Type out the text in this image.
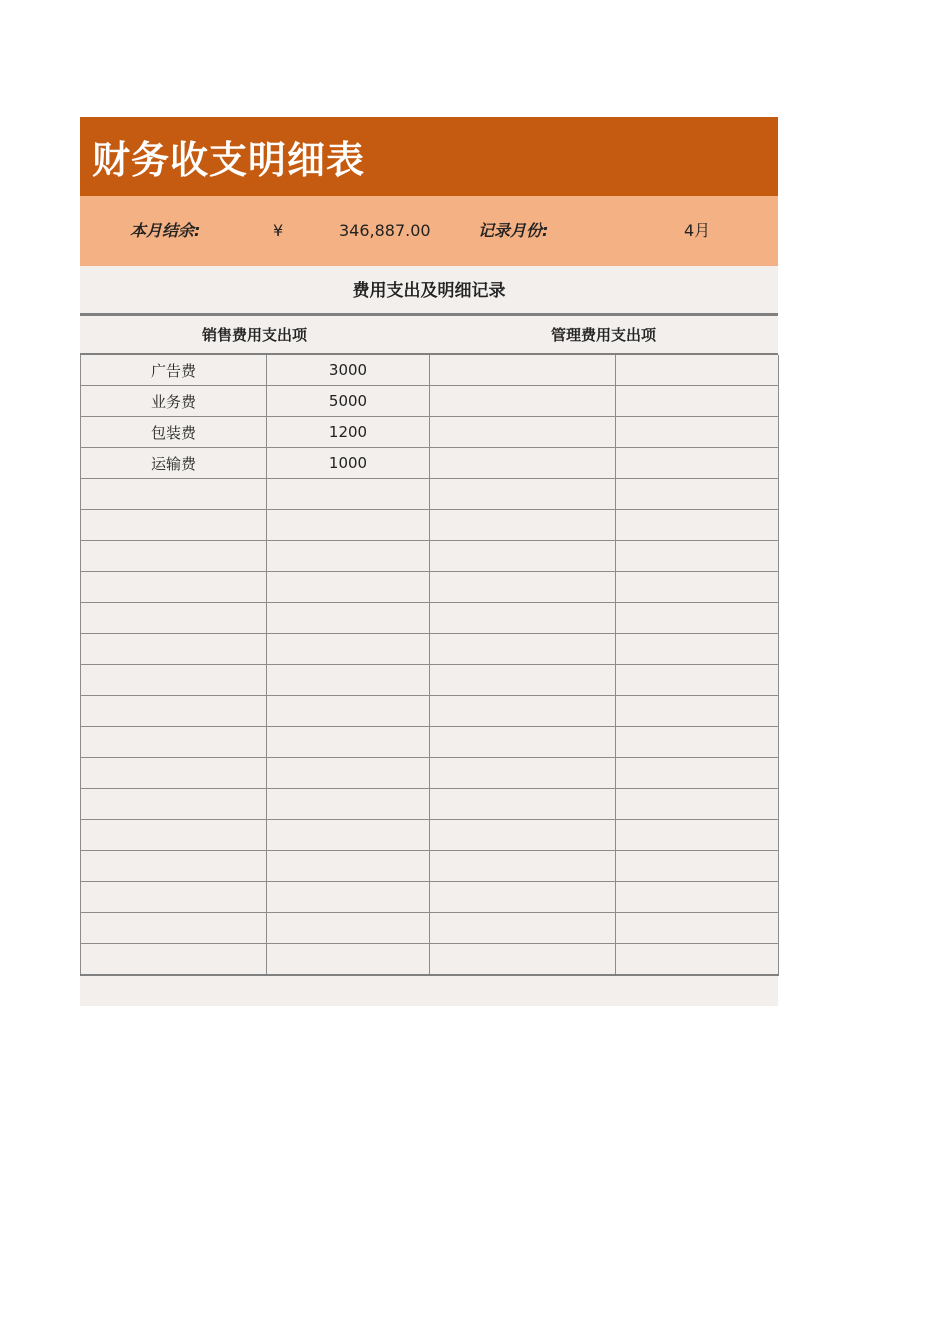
财务收支明细表
本月结余:	¥	346,887.00	记录月份:	4月
费用支出及明细记录
销售费用支出项	管理费用支出项
广告费	3000		
业务费	5000		
包装费	1200		
运输费	1000		
